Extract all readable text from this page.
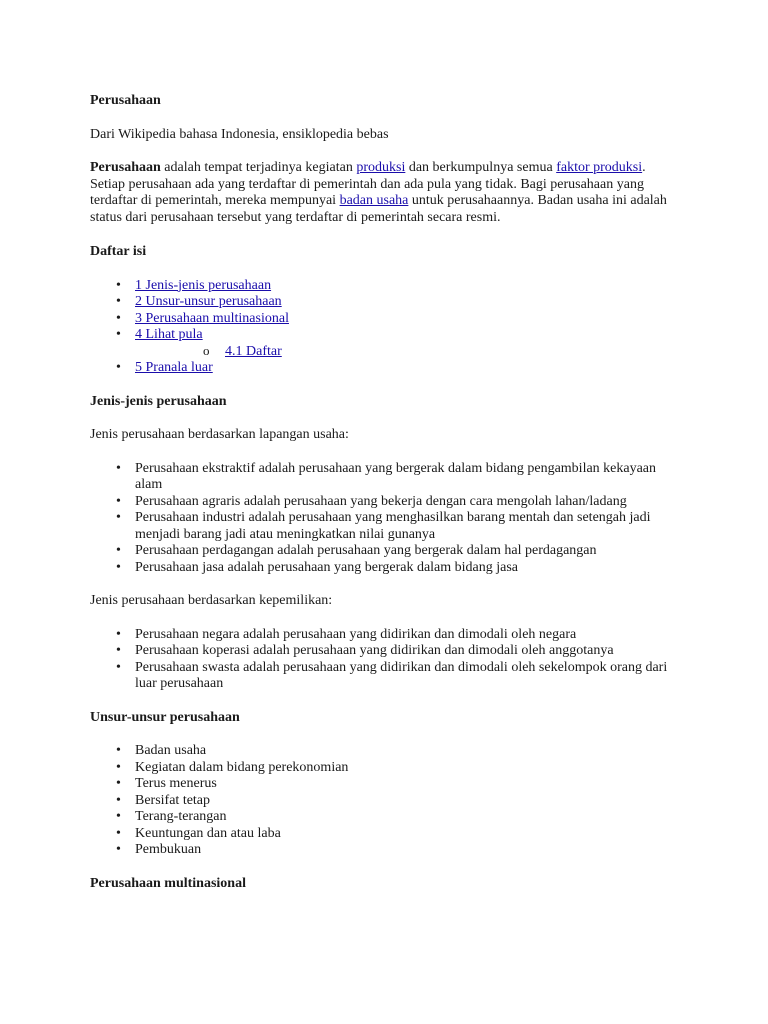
Perusahaan

Dari Wikipedia bahasa Indonesia, ensiklopedia bebas

Perusahaan adalah tempat terjadinya kegiatan produksi dan berkumpulnya semua faktor produksi. Setiap perusahaan ada yang terdaftar di pemerintah dan ada pula yang tidak. Bagi perusahaan yang terdaftar di pemerintah, mereka mempunyai badan usaha untuk perusahaannya. Badan usaha ini adalah status dari perusahaan tersebut yang terdaftar di pemerintah secara resmi.

Daftar isi
• 1 Jenis-jenis perusahaan
• 2 Unsur-unsur perusahaan
• 3 Perusahaan multinasional
• 4 Lihat pula
o 4.1 Daftar
• 5 Pranala luar
Jenis-jenis perusahaan

Jenis perusahaan berdasarkan lapangan usaha:

• Perusahaan ekstraktif adalah perusahaan yang bergerak dalam bidang pengambilan kekayaan alam
• Perusahaan agraris adalah perusahaan yang bekerja dengan cara mengolah lahan/ladang
• Perusahaan industri adalah perusahaan yang menghasilkan barang mentah dan setengah jadi menjadi barang jadi atau meningkatkan nilai gunanya
• Perusahaan perdagangan adalah perusahaan yang bergerak dalam hal perdagangan
• Perusahaan jasa adalah perusahaan yang bergerak dalam bidang jasa

Jenis perusahaan berdasarkan kepemilikan:

• Perusahaan negara adalah perusahaan yang didirikan dan dimodali oleh negara
• Perusahaan koperasi adalah perusahaan yang didirikan dan dimodali oleh anggotanya
• Perusahaan swasta adalah perusahaan yang didirikan dan dimodali oleh sekelompok orang dari luar perusahaan
Unsur-unsur perusahaan
• Badan usaha
• Kegiatan dalam bidang perekonomian
• Terus menerus
• Bersifat tetap
• Terang-terangan
• Keuntungan dan atau laba
• Pembukuan
Perusahaan multinasional
